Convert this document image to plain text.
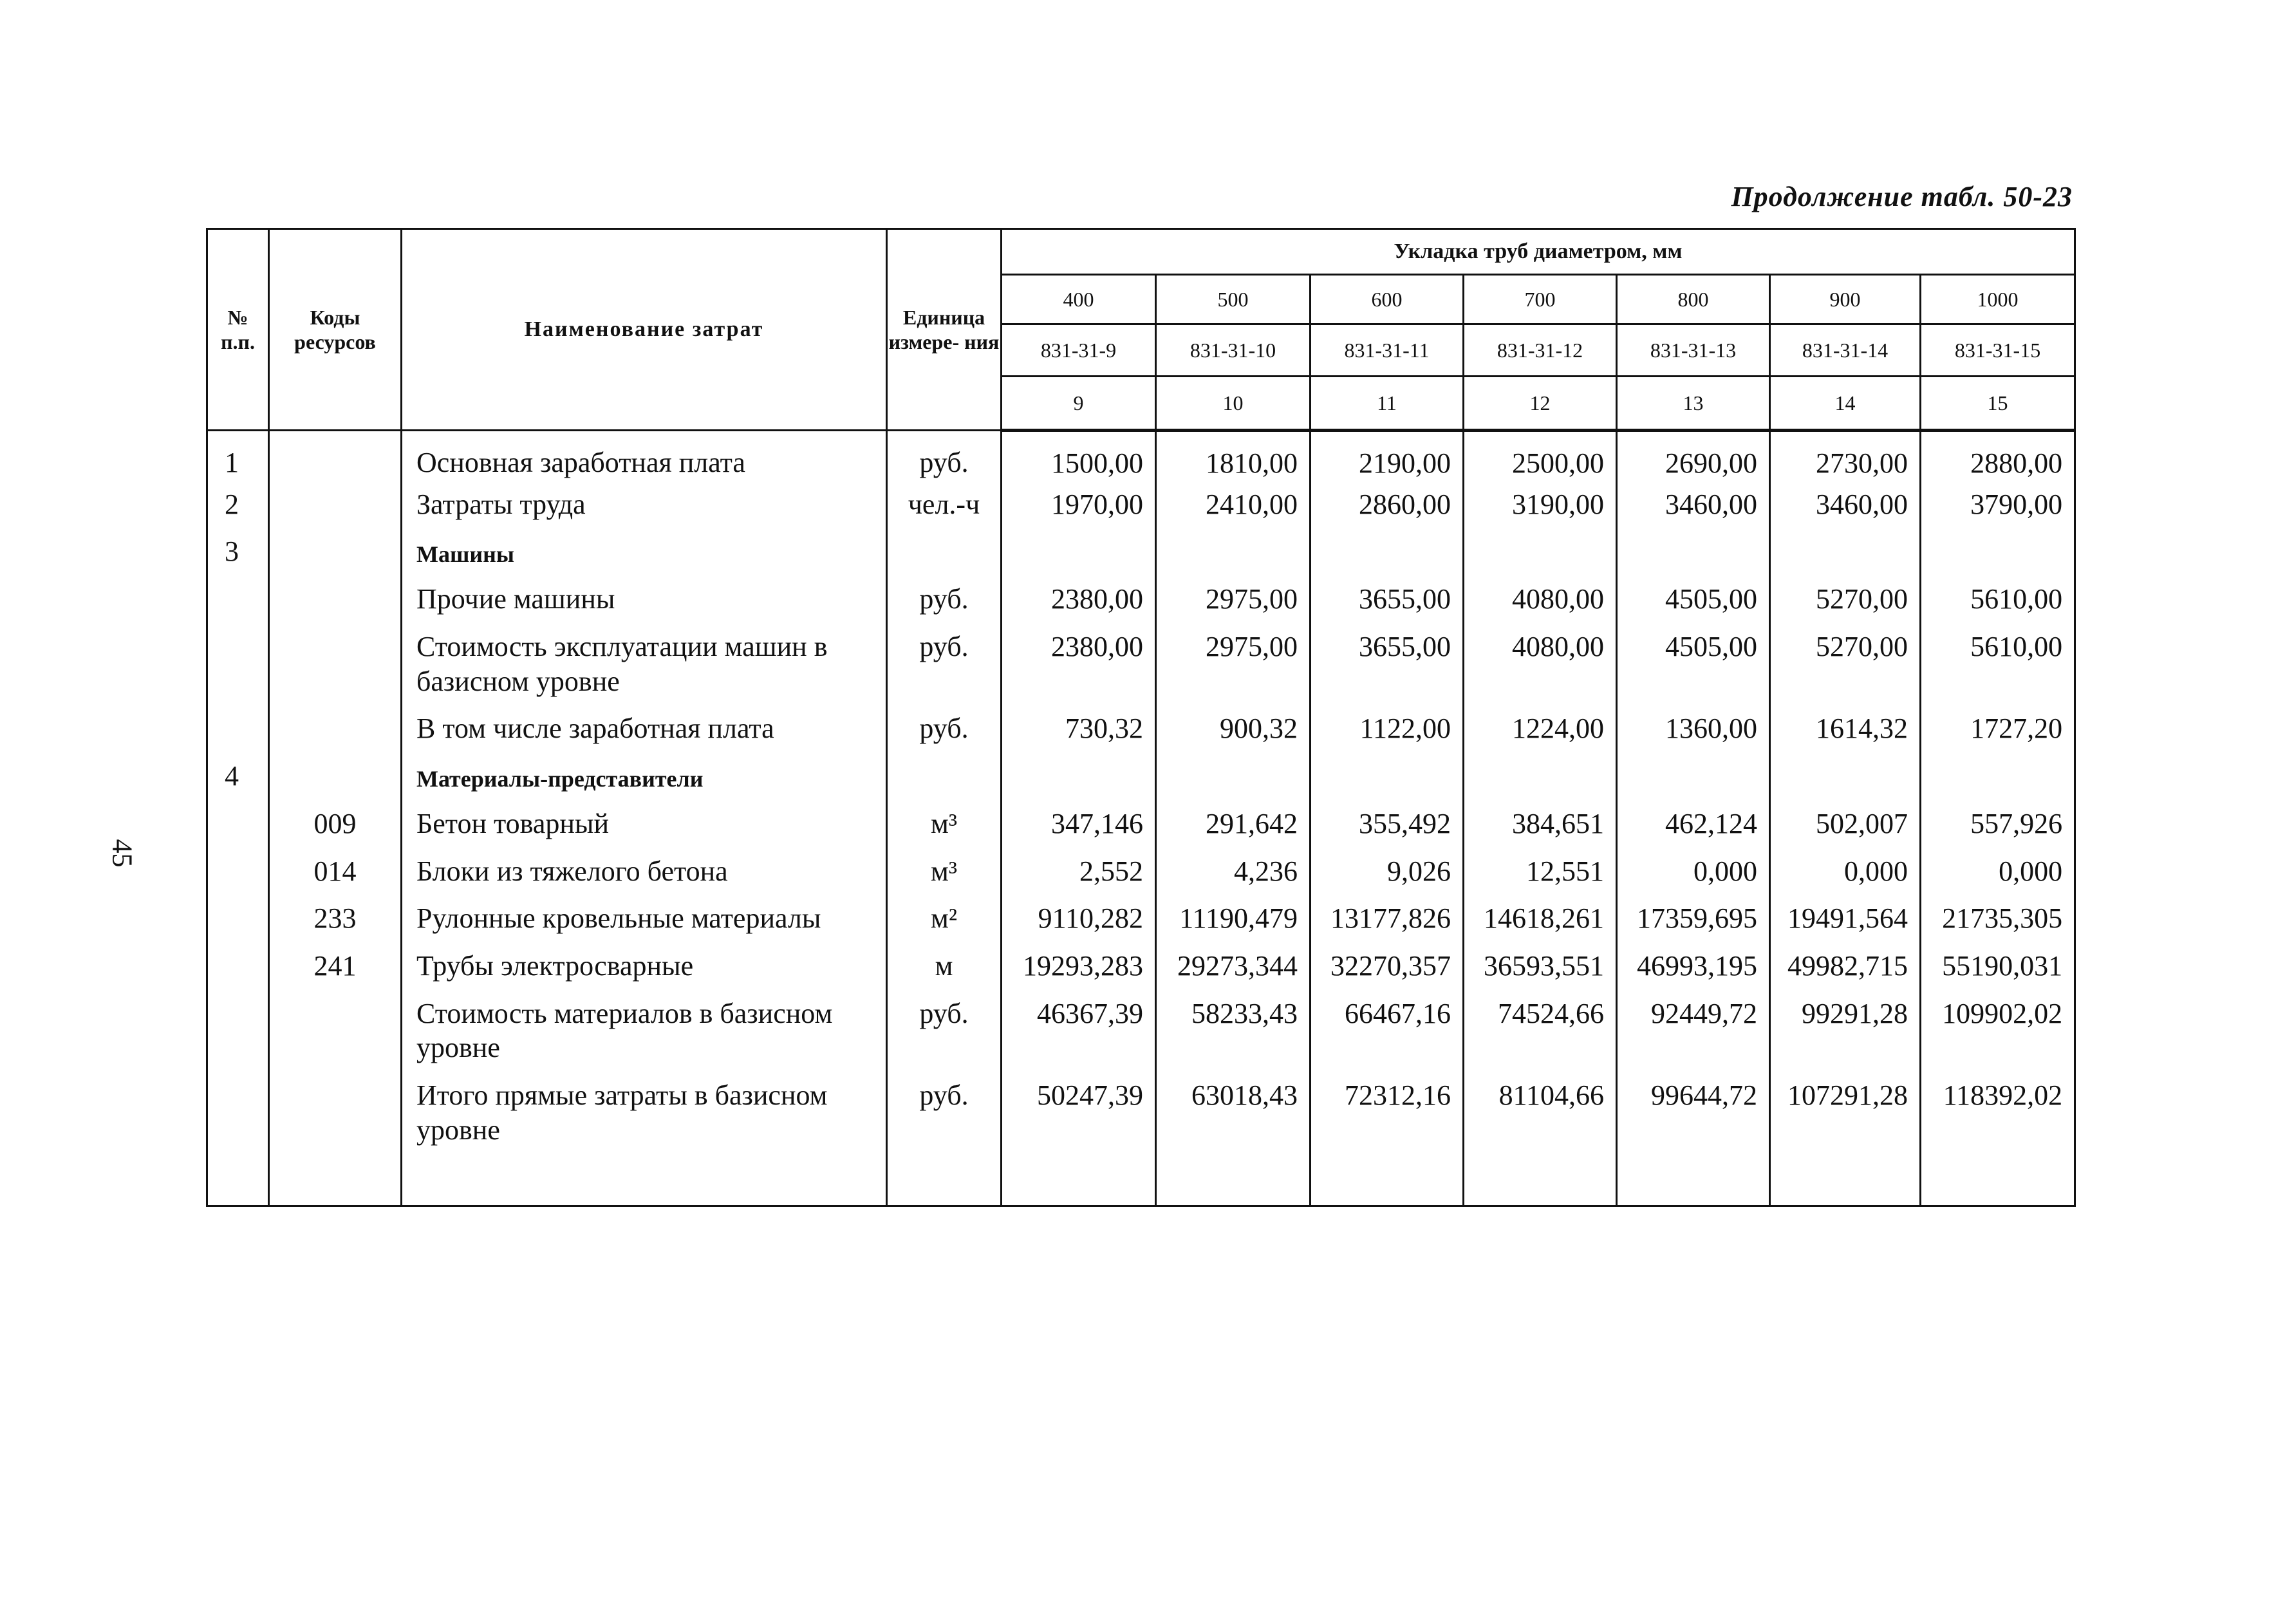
Продолжение табл. 50-23
45
№ п.п.	Коды ресурсов	Наименование затрат	Единица измере- ния	Укладка труб диаметром, мм						
				400	500	600	700	800	900	1000
				831-31-9	831-31-10	831-31-11	831-31-12	831-31-13	831-31-14	831-31-15
				9	10	11	12	13	14	15
1		Основная заработная плата	руб.	1500,00	1810,00	2190,00	2500,00	2690,00	2730,00	2880,00
2		Затраты труда	чел.-ч	1970,00	2410,00	2860,00	3190,00	3460,00	3460,00	3790,00
3		Машины								
		Прочие машины	руб.	2380,00	2975,00	3655,00	4080,00	4505,00	5270,00	5610,00
		Стоимость эксплуатации машин в базисном уровне	руб.	2380,00	2975,00	3655,00	4080,00	4505,00	5270,00	5610,00
		В том числе заработная плата	руб.	730,32	900,32	1122,00	1224,00	1360,00	1614,32	1727,20
4		Материалы-представители								
	009	Бетон товарный	м³	347,146	291,642	355,492	384,651	462,124	502,007	557,926
	014	Блоки из тяжелого бетона	м³	2,552	4,236	9,026	12,551	0,000	0,000	0,000
	233	Рулонные кровельные материалы	м²	9110,282	11190,479	13177,826	14618,261	17359,695	19491,564	21735,305
	241	Трубы электросварные	м	19293,283	29273,344	32270,357	36593,551	46993,195	49982,715	55190,031
		Стоимость материалов в базисном уровне	руб.	46367,39	58233,43	66467,16	74524,66	92449,72	99291,28	109902,02
		Итого прямые затраты в базисном уровне	руб.	50247,39	63018,43	72312,16	81104,66	99644,72	107291,28	118392,02
